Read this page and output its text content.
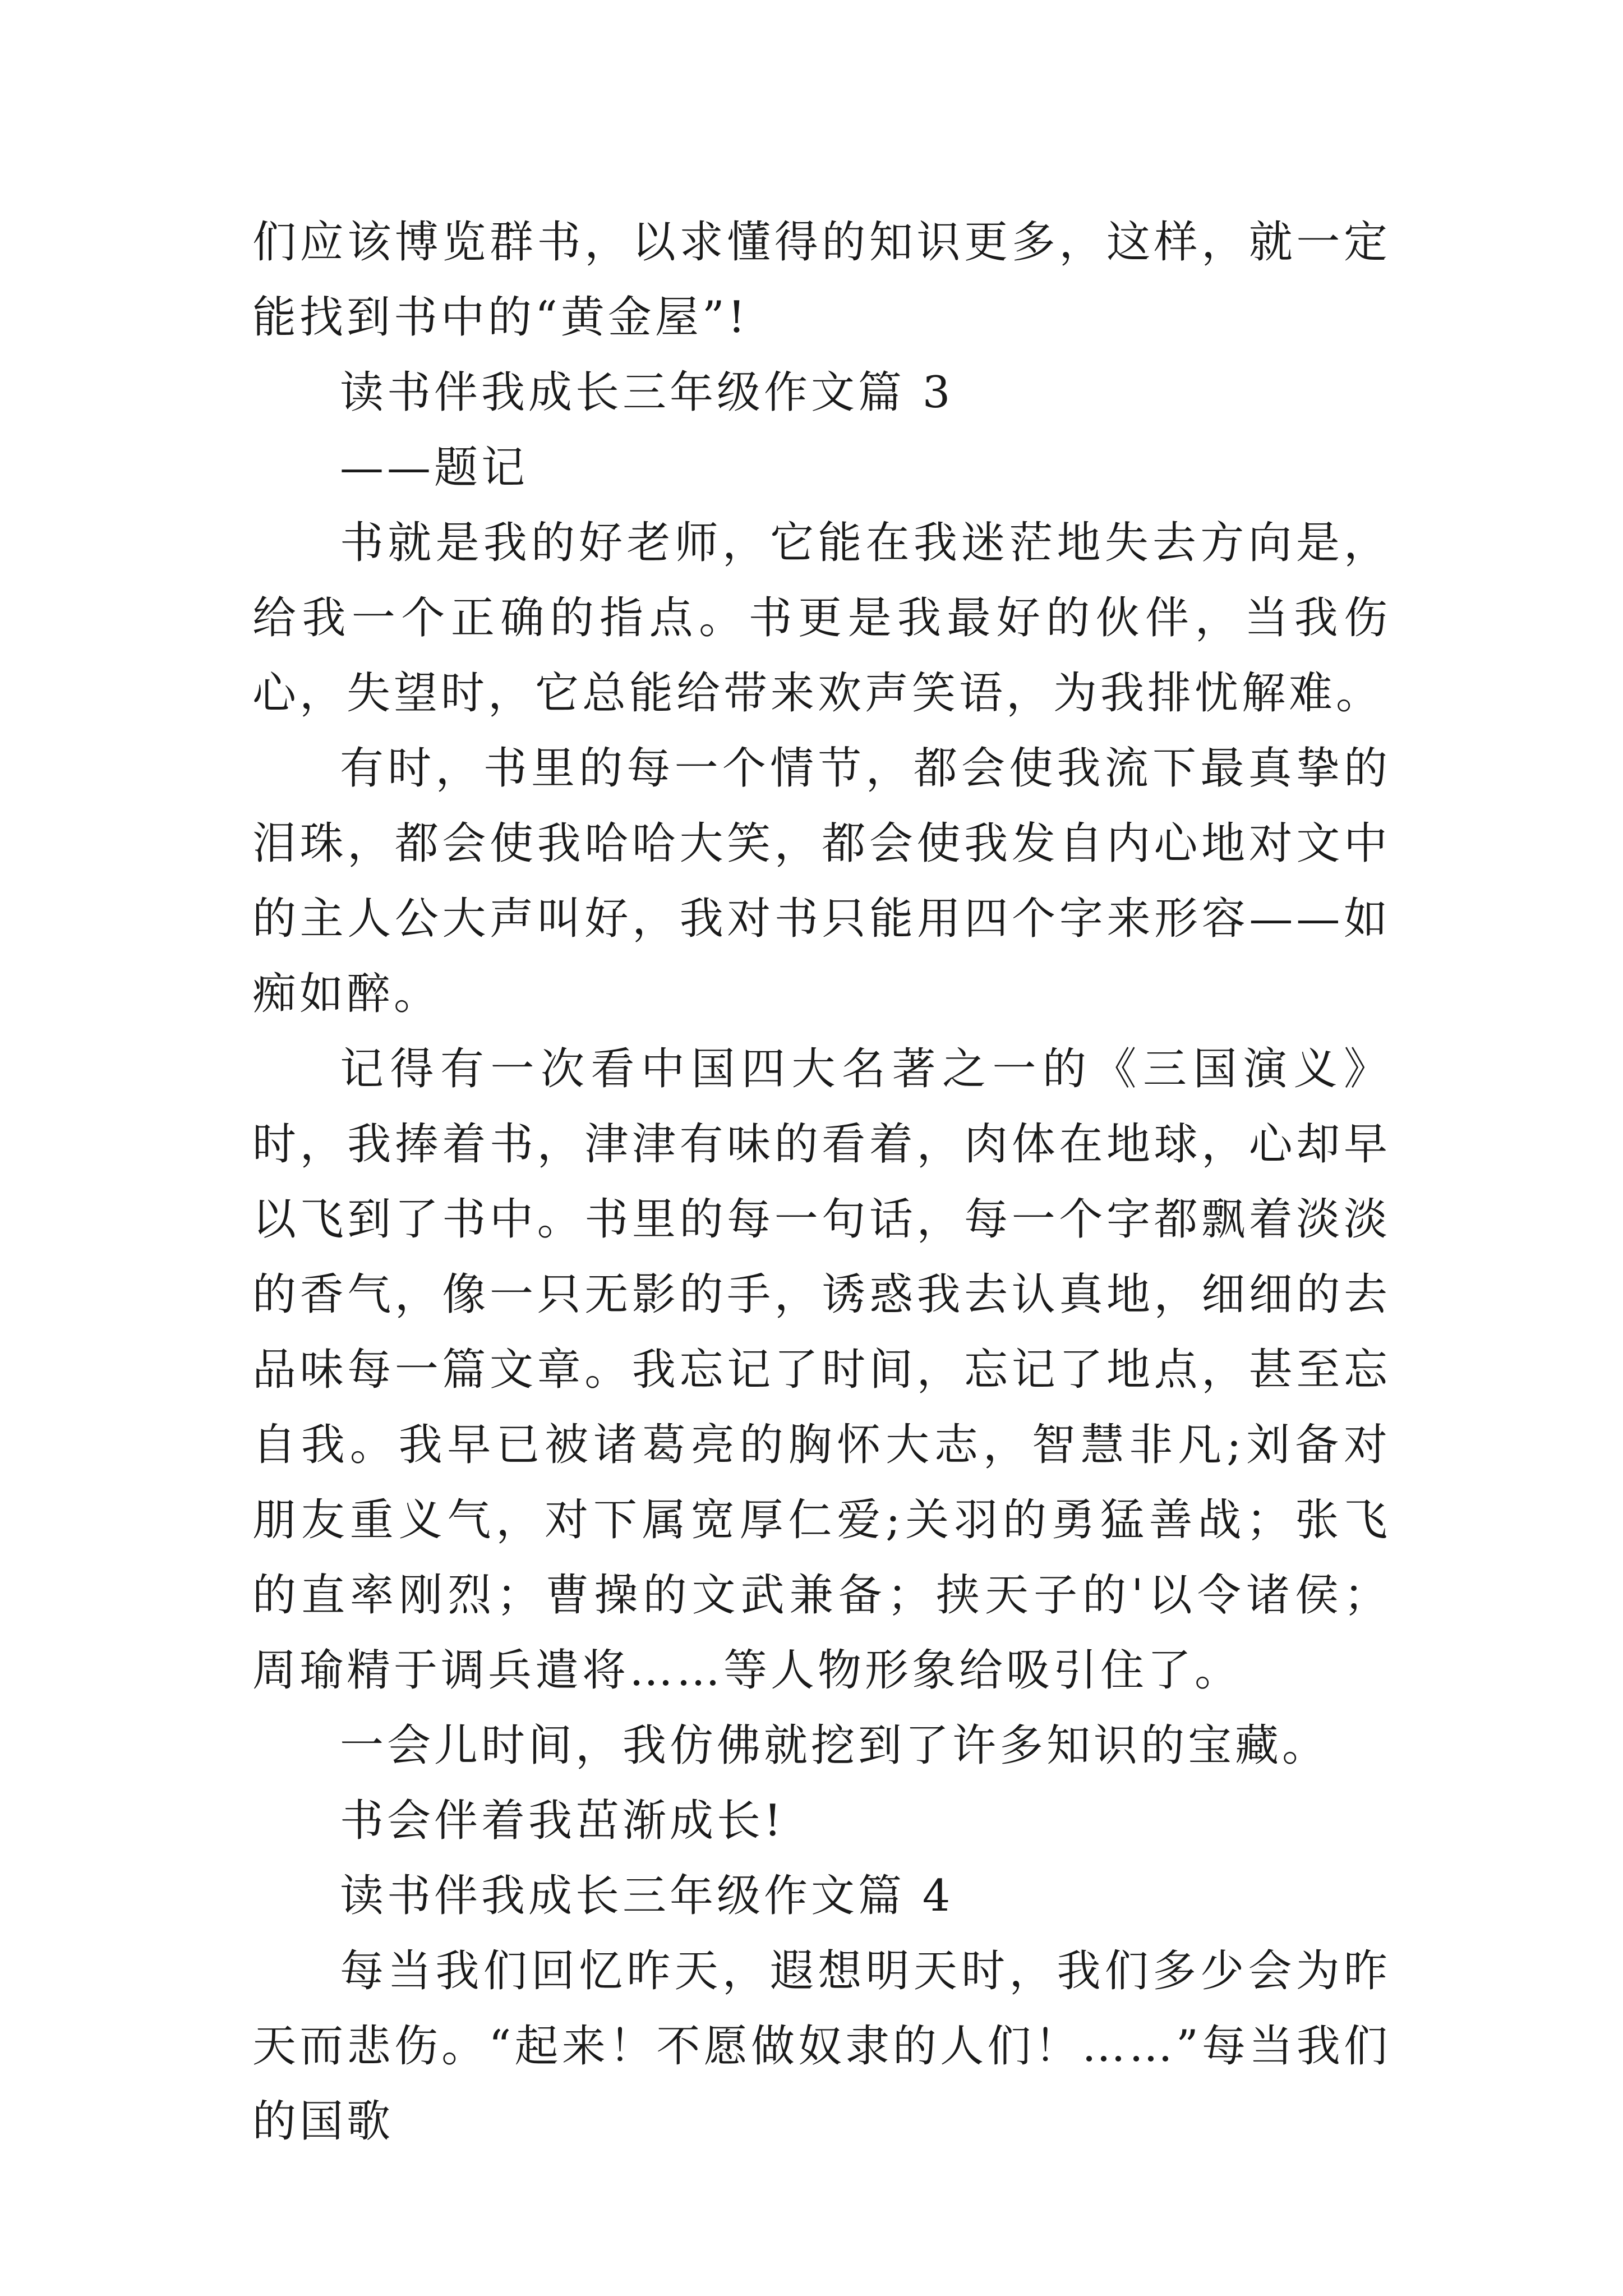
们应该博览群书，以求懂得的知识更多，这样，就一定能找到书中的“黄金屋”!

读书伴我成长三年级作文篇 3

——题记

书就是我的好老师，它能在我迷茫地失去方向是，给我一个正确的指点。书更是我最好的伙伴，当我伤心，失望时，它总能给带来欢声笑语，为我排忧解难。

有时，书里的每一个情节，都会使我流下最真挚的泪珠，都会使我哈哈大笑，都会使我发自内心地对文中的主人公大声叫好，我对书只能用四个字来形容——如痴如醉。

记得有一次看中国四大名著之一的《三国演义》时，我捧着书，津津有味的看着，肉体在地球，心却早以飞到了书中。书里的每一句话，每一个字都飘着淡淡的香气，像一只无影的手，诱惑我去认真地，细细的去品味每一篇文章。我忘记了时间，忘记了地点，甚至忘自我。我早已被诸葛亮的胸怀大志，智慧非凡;刘备对朋友重义气，对下属宽厚仁爱;关羽的勇猛善战；张飞的直率刚烈；曹操的文武兼备；挟天子的'以令诸侯；周瑜精于调兵遣将……等人物形象给吸引住了。

一会儿时间，我仿佛就挖到了许多知识的宝藏。

书会伴着我茁渐成长!

读书伴我成长三年级作文篇 4

每当我们回忆昨天，遐想明天时，我们多少会为昨天而悲伤。“起来！不愿做奴隶的人们！……”每当我们的国歌
